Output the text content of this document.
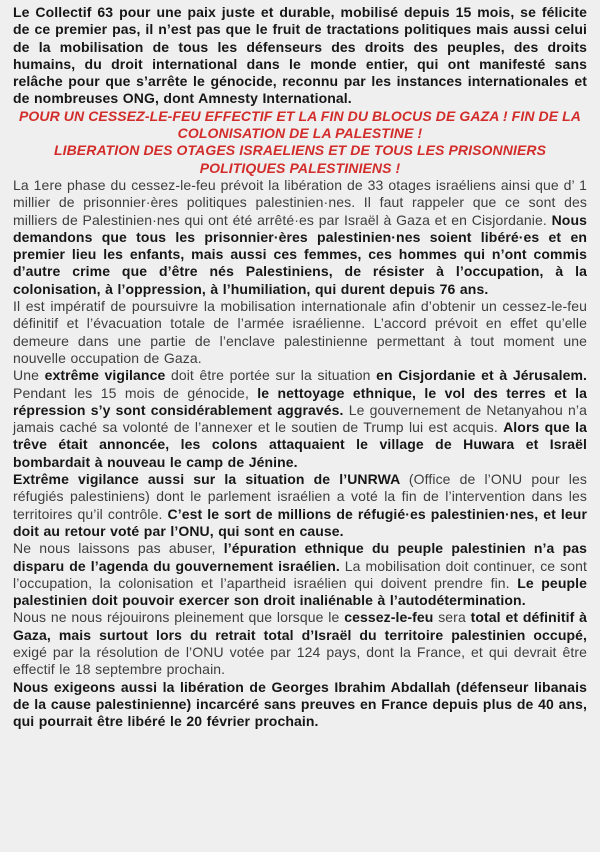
Le Collectif 63 pour une paix juste et durable, mobilisé depuis 15 mois, se félicite de ce premier pas, il n’est pas que le fruit de tractations politiques mais aussi celui de la mobilisation de tous les défenseurs des droits des peuples, des droits humains, du droit international dans le monde entier, qui ont manifesté sans relâche pour que s’arrête le génocide, reconnu par les instances internationales et de nombreuses ONG, dont Amnesty International.

POUR UN CESSEZ-LE-FEU EFFECTIF ET LA FIN DU BLOCUS DE GAZA ! FIN DE LA COLONISATION DE LA PALESTINE !

LIBERATION DES OTAGES ISRAELIENS ET DE TOUS LES PRISONNIERS POLITIQUES PALESTINIENS !

La 1ere phase du cessez-le-feu prévoit la libération de 33 otages israéliens ainsi que d’ 1 millier de prisonnier·ères politiques palestinien·nes. Il faut rappeler que ce sont des milliers de Palestinien·nes qui ont été arrêté·es par Israël à Gaza et en Cisjordanie. Nous demandons que tous les prisonnier·ères palestinien·nes soient libéré·es et en premier lieu les enfants, mais aussi ces femmes, ces hommes qui n’ont commis d’autre crime que d’être nés Palestiniens, de résister à l’occupation, à la colonisation, à l’oppression, à l’humiliation, qui durent depuis 76 ans.

Il est impératif de poursuivre la mobilisation internationale afin d’obtenir un cessez-le-feu définitif et l’évacuation totale de l’armée israélienne. L’accord prévoit en effet qu’elle demeure dans une partie de l’enclave palestinienne permettant à tout moment une nouvelle occupation de Gaza.

Une extrême vigilance doit être portée sur la situation en Cisjordanie et à Jérusalem. Pendant les 15 mois de génocide, le nettoyage ethnique, le vol des terres et la répression s’y sont considérablement aggravés. Le gouvernement de Netanyahou n’a jamais caché sa volonté de l’annexer et le soutien de Trump lui est acquis. Alors que la trêve était annoncée, les colons attaquaient le village de Huwara et Israël bombardait à nouveau le camp de Jénine.

Extrême vigilance aussi sur la situation de l’UNRWA (Office de l’ONU pour les réfugiés palestiniens) dont le parlement israélien a voté la fin de l’intervention dans les territoires qu’il contrôle. C’est le sort de millions de réfugié·es palestinien·nes, et leur doit au retour voté par l’ONU, qui sont en cause.

Ne nous laissons pas abuser, l’épuration ethnique du peuple palestinien n’a pas disparu de l’agenda du gouvernement israélien. La mobilisation doit continuer, ce sont l’occupation, la colonisation et l’apartheid israélien qui doivent prendre fin. Le peuple palestinien doit pouvoir exercer son droit inaliénable à l’autodétermination.

Nous ne nous réjouirons pleinement que lorsque le cessez-le-feu sera total et définitif à Gaza, mais surtout lors du retrait total d’Israël du territoire palestinien occupé, exigé par la résolution de l’ONU votée par 124 pays, dont la France, et qui devrait être effectif le 18 septembre prochain.

Nous exigeons aussi la libération de Georges Ibrahim Abdallah (défenseur libanais de la cause palestinienne) incarcéré sans preuves en France depuis plus de 40 ans, qui pourrait être libéré le 20 février prochain.
